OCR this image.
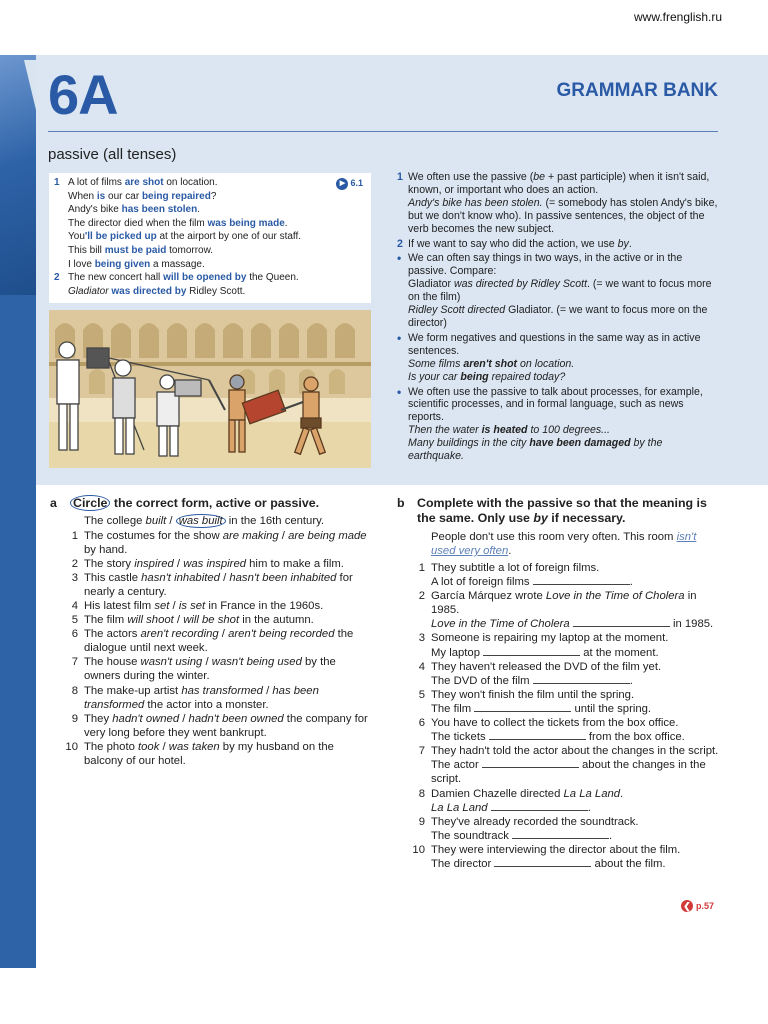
www.frenglish.ru
142
6A	GRAMMAR BANK
passive (all tenses)
▶ 6.1
1 A lot of films are shot on location.
When is our car being repaired?
Andy's bike has been stolen.
The director died when the film was being made.
You'll be picked up at the airport by one of our staff.
This bill must be paid tomorrow.
I love being given a massage.
2 The new concert hall will be opened by the Queen.
Gladiator was directed by Ridley Scott.
1 We often use the passive (be + past participle) when it isn't said, known, or important who does an action.
Andy's bike has been stolen. (= somebody has stolen Andy's bike, but we don't know who). In passive sentences, the object of the verb becomes the new subject.
2 If we want to say who did the action, we use by.
• We can often say things in two ways, in the active or in the passive. Compare:
Gladiator was directed by Ridley Scott. (= we want to focus more on the film)
Ridley Scott directed Gladiator. (= we want to focus more on the director)
• We form negatives and questions in the same way as in active sentences.
Some films aren't shot on location.
Is your car being repaired today?
• We often use the passive to talk about processes, for example, scientific processes, and in formal language, such as news reports.
Then the water is heated to 100 degrees...
Many buildings in the city have been damaged by the earthquake.
a	Circle the correct form, active or passive.
The college built / was built in the 16th century.
1 The costumes for the show are making / are being made by hand.
2 The story inspired / was inspired him to make a film.
3 This castle hasn't inhabited / hasn't been inhabited for nearly a century.
4 His latest film set / is set in France in the 1960s.
5 The film will shoot / will be shot in the autumn.
6 The actors aren't recording / aren't being recorded the dialogue until next week.
7 The house wasn't using / wasn't being used by the owners during the winter.
8 The make-up artist has transformed / has been transformed the actor into a monster.
9 They hadn't owned / hadn't been owned the company for very long before they went bankrupt.
10 The photo took / was taken by my husband on the balcony of our hotel.
b	Complete with the passive so that the meaning is the same. Only use by if necessary.
People don't use this room very often. This room isn't used very often.
1 They subtitle a lot of foreign films.
A lot of foreign films	.
2 García Márquez wrote Love in the Time of Cholera in 1985.
Love in the Time of Cholera	in 1985.
3 Someone is repairing my laptop at the moment.
My laptop	at the moment.
4 They haven't released the DVD of the film yet.
The DVD of the film	.
5 They won't finish the film until the spring.
The film	until the spring.
6 You have to collect the tickets from the box office.
The tickets	from the box office.
7 They hadn't told the actor about the changes in the script.
The actor	about the changes in the script.
8 Damien Chazelle directed La La Land.
La La Land	.
9 They've already recorded the soundtrack.
The soundtrack	.
10 They were interviewing the director about the film.
The director	about the film.
❮ p.57
